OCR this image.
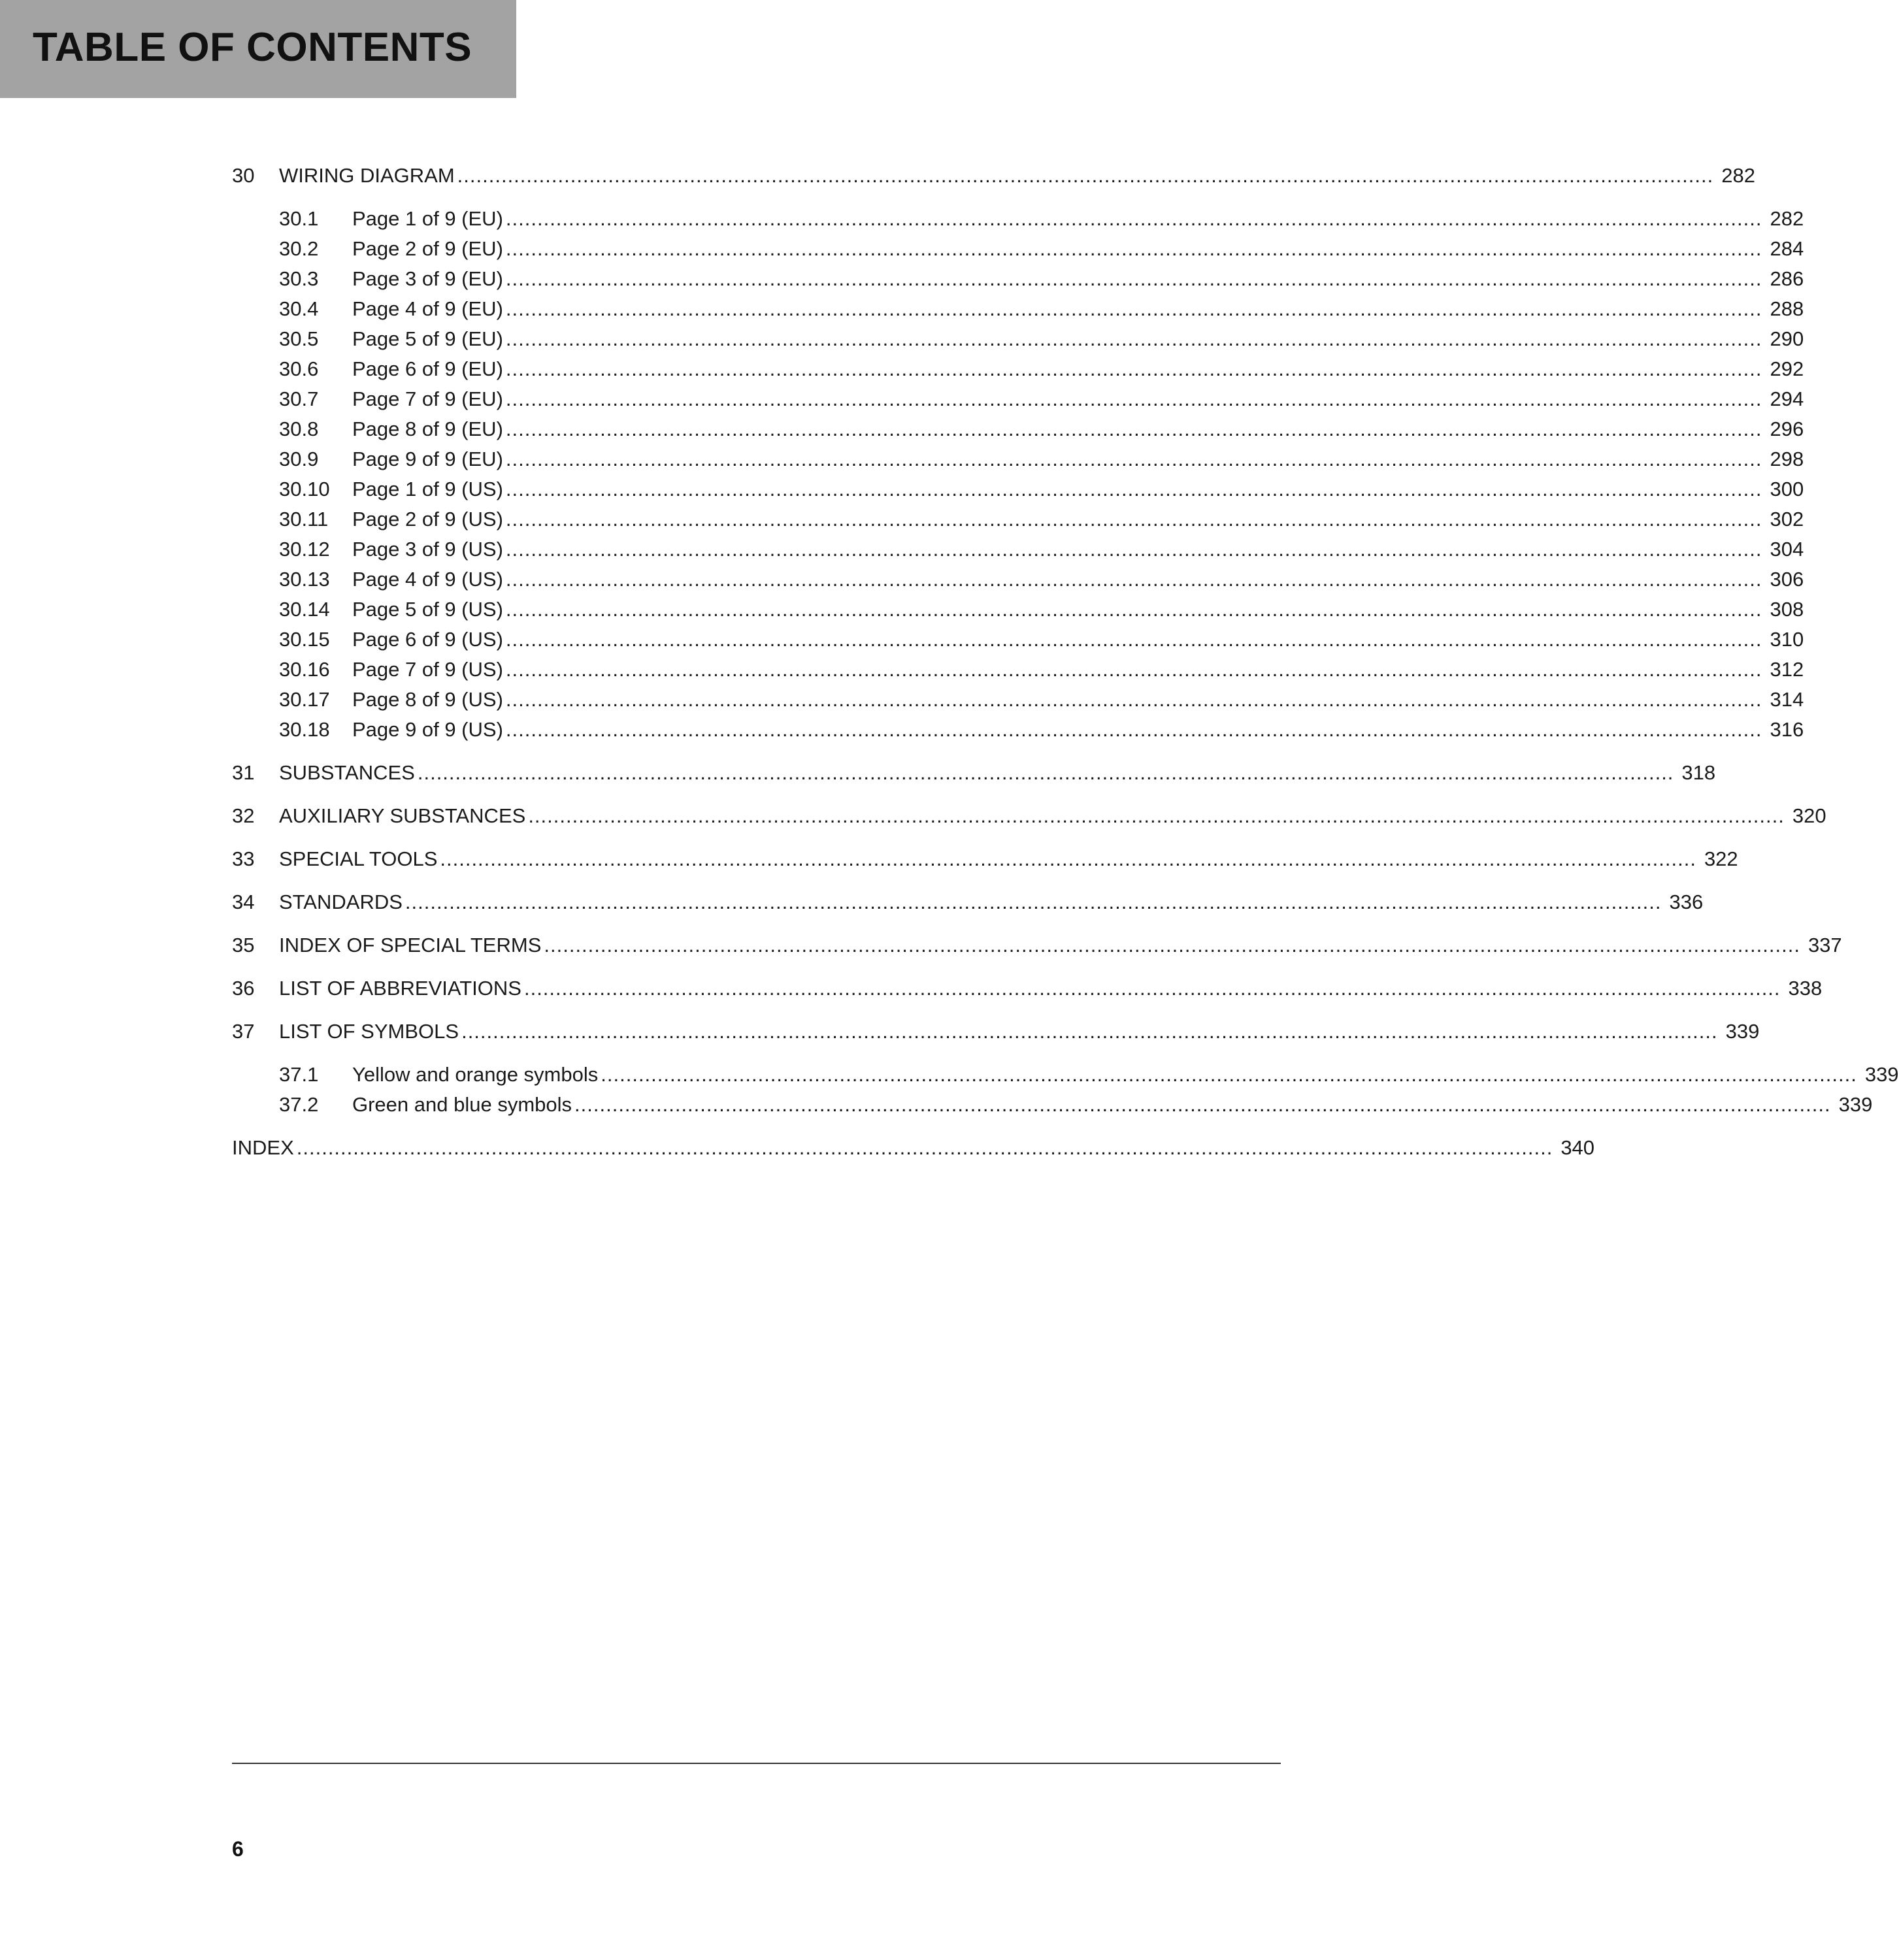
TABLE OF CONTENTS
30 WIRING DIAGRAM ........................................................................................................................................................................................................ 282
30.1 Page 1 of 9 (EU) ........................................................................................................................................................................................................ 282
30.2 Page 2 of 9 (EU) ........................................................................................................................................................................................................ 284
30.3 Page 3 of 9 (EU) ........................................................................................................................................................................................................ 286
30.4 Page 4 of 9 (EU) ........................................................................................................................................................................................................ 288
30.5 Page 5 of 9 (EU) ........................................................................................................................................................................................................ 290
30.6 Page 6 of 9 (EU) ........................................................................................................................................................................................................ 292
30.7 Page 7 of 9 (EU) ........................................................................................................................................................................................................ 294
30.8 Page 8 of 9 (EU) ........................................................................................................................................................................................................ 296
30.9 Page 9 of 9 (EU) ........................................................................................................................................................................................................ 298
30.10 Page 1 of 9 (US) ........................................................................................................................................................................................................ 300
30.11 Page 2 of 9 (US) ........................................................................................................................................................................................................ 302
30.12 Page 3 of 9 (US) ........................................................................................................................................................................................................ 304
30.13 Page 4 of 9 (US) ........................................................................................................................................................................................................ 306
30.14 Page 5 of 9 (US) ........................................................................................................................................................................................................ 308
30.15 Page 6 of 9 (US) ........................................................................................................................................................................................................ 310
30.16 Page 7 of 9 (US) ........................................................................................................................................................................................................ 312
30.17 Page 8 of 9 (US) ........................................................................................................................................................................................................ 314
30.18 Page 9 of 9 (US) ........................................................................................................................................................................................................ 316
31 SUBSTANCES ........................................................................................................................................................................................................ 318
32 AUXILIARY SUBSTANCES ........................................................................................................................................................................................................ 320
33 SPECIAL TOOLS ........................................................................................................................................................................................................ 322
34 STANDARDS ........................................................................................................................................................................................................ 336
35 INDEX OF SPECIAL TERMS ........................................................................................................................................................................................................ 337
36 LIST OF ABBREVIATIONS ........................................................................................................................................................................................................ 338
37 LIST OF SYMBOLS ........................................................................................................................................................................................................ 339
37.1 Yellow and orange symbols ........................................................................................................................................................................................................ 339
37.2 Green and blue symbols ........................................................................................................................................................................................................ 339
INDEX ........................................................................................................................................................................................................ 340
6
